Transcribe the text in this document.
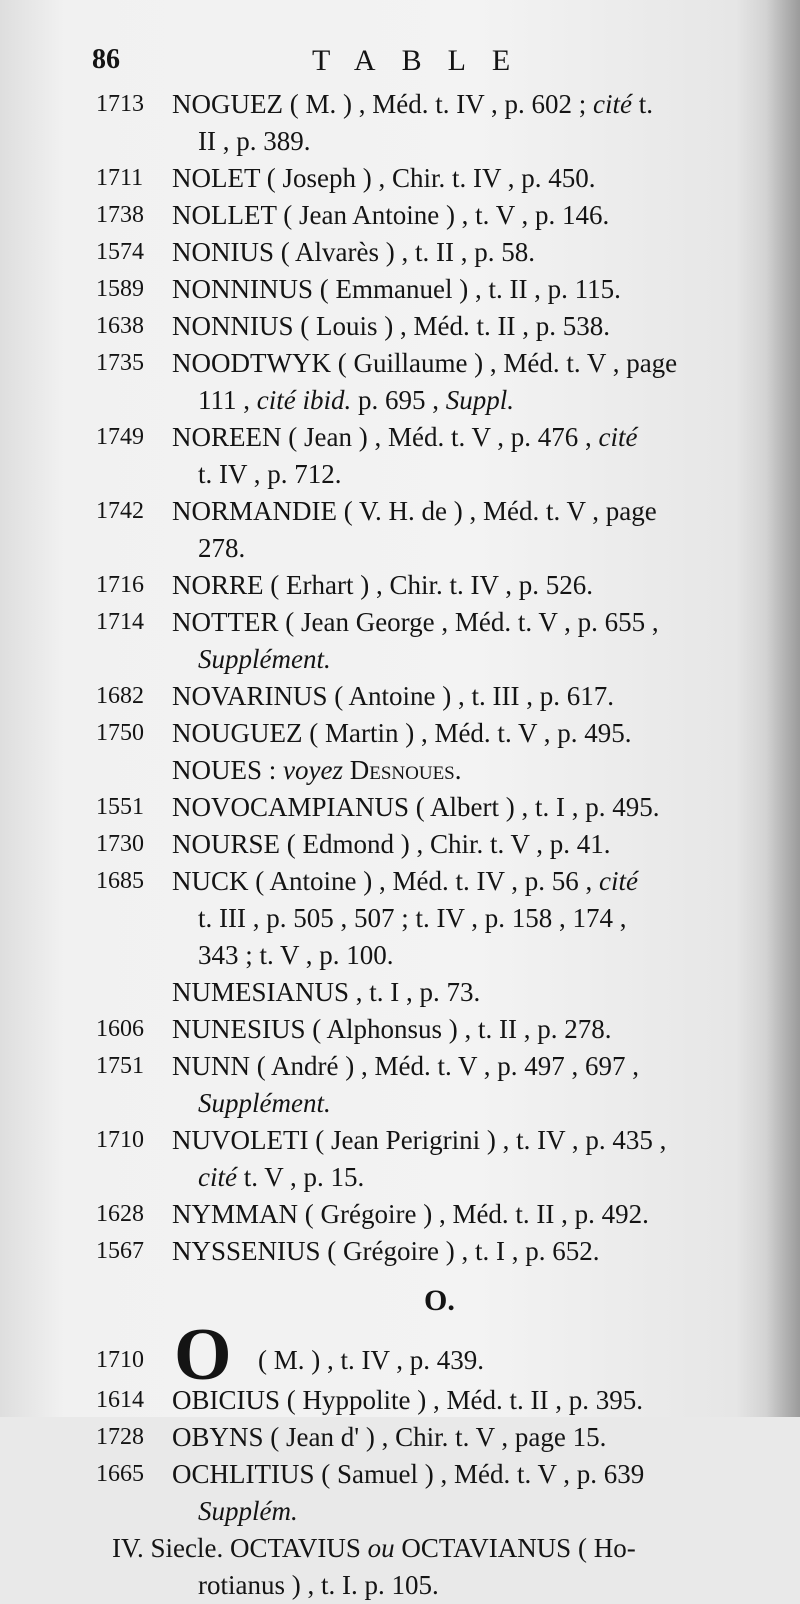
86	TABLE
1713	NOGUEZ ( M. ) , Méd. t. IV , p. 602 ; cité t.
II , p. 389.
1711	NOLET ( Joseph ) , Chir. t. IV , p. 450.
1738	NOLLET ( Jean Antoine ) , t. V , p. 146.
1574	NONIUS ( Alvarès ) , t. II , p. 58.
1589	NONNINUS ( Emmanuel ) , t. II , p. 115.
1638	NONNIUS ( Louis ) , Méd. t. II , p. 538.
1735	NOODTWYK ( Guillaume ) , Méd. t. V , page
111 , cité ibid. p. 695 , Suppl.
1749	NOREEN ( Jean ) , Méd. t. V , p. 476 , cité
t. IV , p. 712.
1742	NORMANDIE ( V. H. de ) , Méd. t. V , page
278.
1716	NORRE ( Erhart ) , Chir. t. IV , p. 526.
1714	NOTTER ( Jean George , Méd. t. V , p. 655 ,
Supplément.
1682	NOVARINUS ( Antoine ) , t. III , p. 617.
1750	NOUGUEZ ( Martin ) , Méd. t. V , p. 495.
NOUES : voyez Desnoues.
1551	NOVOCAMPIANUS ( Albert ) , t. I , p. 495.
1730	NOURSE ( Edmond ) , Chir. t. V , p. 41.
1685	NUCK ( Antoine ) , Méd. t. IV , p. 56 , cité
t. III , p. 505 , 507 ; t. IV , p. 158 , 174 ,
343 ; t. V , p. 100.
NUMESIANUS , t. I , p. 73.
1606	NUNESIUS ( Alphonsus ) , t. II , p. 278.
1751	NUNN ( André ) , Méd. t. V , p. 497 , 697 ,
Supplément.
1710	NUVOLETI ( Jean Perigrini ) , t. IV , p. 435 ,
cité t. V , p. 15.
1628	NYMMAN ( Grégoire ) , Méd. t. II , p. 492.
1567	NYSSENIUS ( Grégoire ) , t. I , p. 652.
O.
1710 O ( M. ) , t. IV , p. 439.
1614	OBICIUS ( Hyppolite ) , Méd. t. II , p. 395.
1728	OBYNS ( Jean d' ) , Chir. t. V , page 15.
1665	OCHLITIUS ( Samuel ) , Méd. t. V , p. 639
Supplém.
IV. Siecle. OCTAVIUS ou OCTAVIANUS ( Ho-
rotianus ) , t. I. p. 105.
